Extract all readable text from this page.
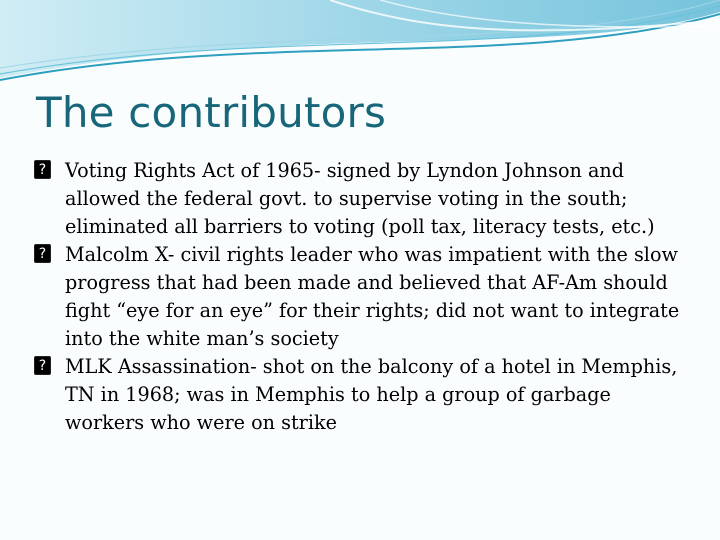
The contributors
? Voting Rights Act of 1965- signed by Lyndon Johnson and allowed the federal govt. to supervise voting in the south; eliminated all barriers to voting (poll tax, literacy tests, etc.)
? Malcolm X- civil rights leader who was impatient with the slow progress that had been made and believed that AF-Am should fight “eye for an eye” for their rights; did not want to integrate into the white man’s society
? MLK Assassination- shot on the balcony of a hotel in Memphis, TN in 1968; was in Memphis to help a group of garbage workers who were on strike
